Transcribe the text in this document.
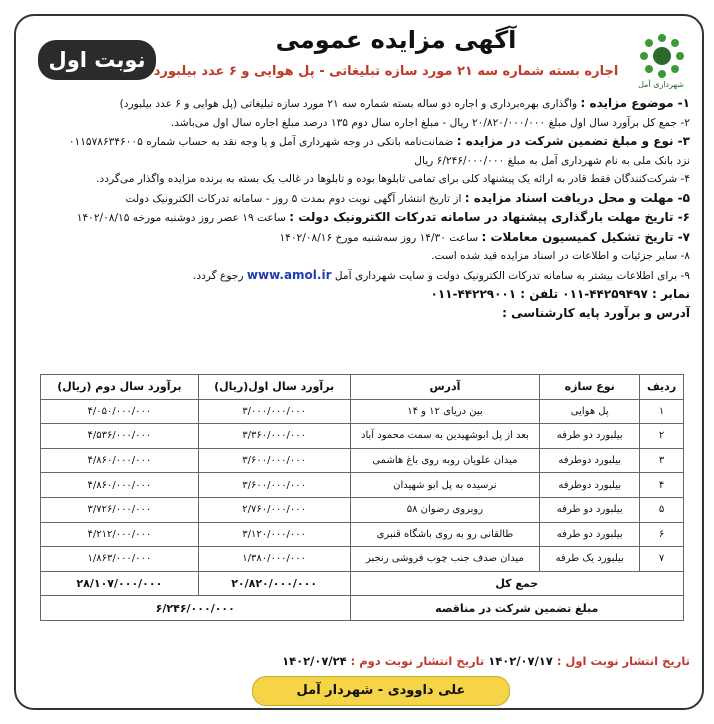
شهرداری آمل
نوبت اول
آگهی مزایده عمومی
اجاره بسته شماره سه ۲۱ مورد سازه تبلیغاتی - پل هوایی و ۶ عدد بیلبورد
۱- موضوع مزایده : واگذاری بهره‌برداری و اجاره دو ساله بسته شماره سه ۲۱ مورد سازه تبلیغاتی (پل هوایی و ۶ عدد بیلبورد)
۲- جمع کل برآورد سال اول مبلغ ۲۰/۸۲۰/۰۰۰/۰۰۰ ریال - مبلغ اجاره سال دوم ۱۳۵ درصد مبلغ اجاره سال اول می‌باشد.
۳- نوع و مبلغ تضمین شرکت در مزایده : ضمانت‌نامه بانکی در وجه شهرداری آمل و یا وجه نقد به حساب شماره ۰۱۱۵۷۸۶۳۴۶۰۰۵
نزد بانک ملی به نام شهرداری آمل به مبلغ ۶/۲۴۶/۰۰۰/۰۰۰ ریال
۴- شرکت‌کنندگان فقط قادر به ارائه یک پیشنهاد کلی برای تمامی تابلوها بوده و تابلوها در غالب یک بسته به برنده مزایده واگذار می‌گردد.
۵- مهلت و محل دریافت اسناد مزایده : از تاریخ انتشار آگهی نوبت دوم بمدت ۵ روز - سامانه تدرکات الکترونیک دولت
۶- تاریخ مهلت بارگذاری پیشنهاد در سامانه تدرکات الکترونیک دولت : ساعت ۱۹ عصر روز دوشنبه مورخه ۱۴۰۲/۰۸/۱۵
۷- تاریخ تشکیل کمیسیون معاملات : ساعت ۱۴/۳۰ روز سه‌شنبه مورخ ۱۴۰۲/۰۸/۱۶
۸- سایر جزئیات و اطلاعات در اسناد مزایده قید شده است.
۹- برای اطلاعات بیشتر به سامانه تدرکات الکترونیک دولت و سایت شهرداری آمل www.amol.ir رجوع گردد.
نمابر : ۴۴۲۵۹۴۹۷-۰۱۱ تلفن : ۴۴۲۲۹۰۰۱-۰۱۱
آدرس و برآورد پایه کارشناسی :
ردیف	نوع سازه	آدرس	برآورد سال اول(ریال)	برآورد سال دوم (ریال)
۱	پل هوایی	بین دریای ۱۲ و ۱۴	۳/۰۰۰/۰۰۰/۰۰۰	۴/۰۵۰/۰۰۰/۰۰۰
۲	بیلبورد دو طرفه	بعد از پل ابوشهیدین به سمت محمود آباد	۳/۳۶۰/۰۰۰/۰۰۰	۴/۵۳۶/۰۰۰/۰۰۰
۳	بیلبورد دوطرفه	میدان علویان روبه روی باغ هاشمی	۳/۶۰۰/۰۰۰/۰۰۰	۴/۸۶۰/۰۰۰/۰۰۰
۴	بیلبورد دوطرفه	نرسیده به پل ابو شهیدان	۳/۶۰۰/۰۰۰/۰۰۰	۴/۸۶۰/۰۰۰/۰۰۰
۵	بیلبورد دو طرفه	روبروی رضوان ۵۸	۲/۷۶۰/۰۰۰/۰۰۰	۳/۷۲۶/۰۰۰/۰۰۰
۶	بیلبورد دو طرفه	طالقانی رو به روی باشگاه قنبری	۳/۱۲۰/۰۰۰/۰۰۰	۴/۲۱۲/۰۰۰/۰۰۰
۷	بیلبورد یک طرفه	میدان صدف جنب چوب فروشی رنجبر	۱/۳۸۰/۰۰۰/۰۰۰	۱/۸۶۳/۰۰۰/۰۰۰
جمع کل			۲۰/۸۲۰/۰۰۰/۰۰۰	۲۸/۱۰۷/۰۰۰/۰۰۰
مبلغ تضمین شرکت در مناقصه			۶/۲۴۶/۰۰۰/۰۰۰	
تاریخ انتشار نوبت اول : ۱۴۰۲/۰۷/۱۷ تاریخ انتشار نوبت دوم : ۱۴۰۲/۰۷/۲۴
علی داوودی - شهردار آمل
